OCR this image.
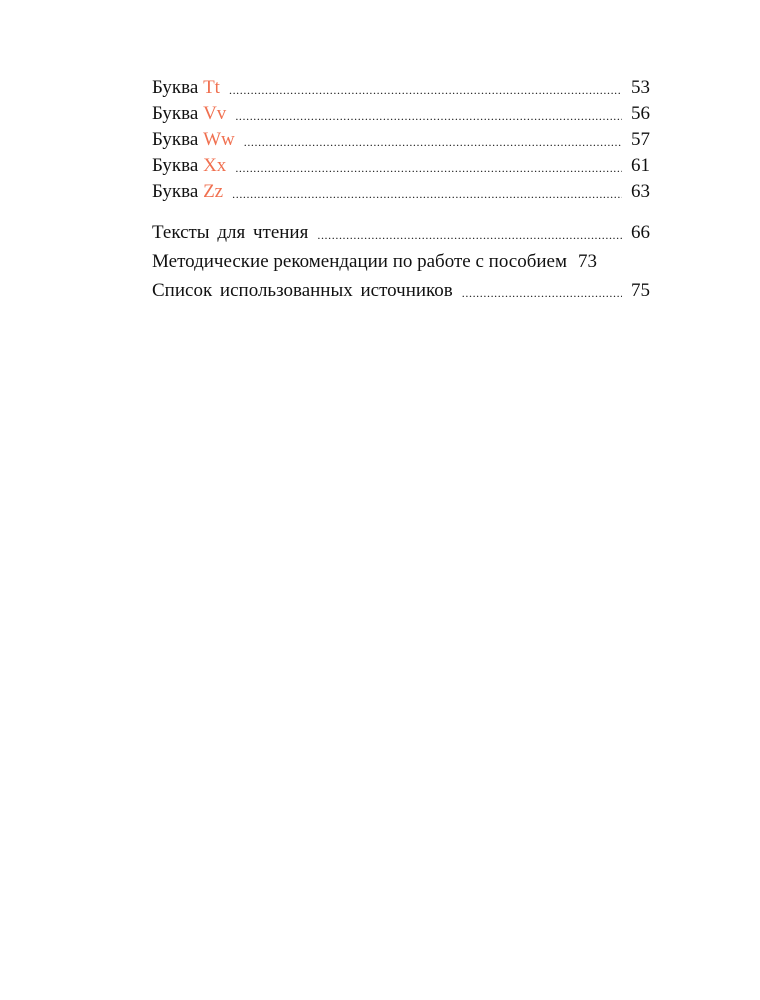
Буква Tt .....	53
Буква Vv .....	56
Буква Ww .....	57
Буква Xx .....	61
Буква Zz .....	63
Тексты для чтения .....	66
Методические рекомендации по работе с пособием 73
Список использованных источников .....	75
